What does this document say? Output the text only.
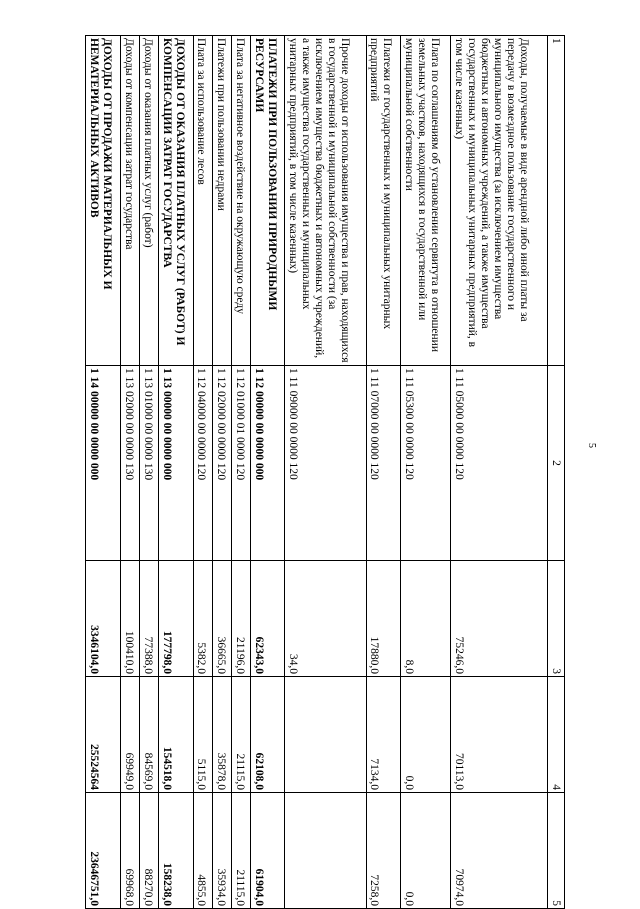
5
1	2	3	4	5
Доходы, получаемые в виде арендной либо иной платы за передачу в возмездное пользование государственного и муниципального имущества (за исключением имущества бюджетных и автономных учреждений, а также имущества государственных и муниципальных унитарных предприятий, в том числе казенных)	1 11 05000 00 0000 120	75246,0	70113,0	70974,0
Плата по соглашениям об установлении сервитута в отношении земельных участков, находящихся в государственной или муниципальной собственности	1 11 05300 00 0000 120	8,0	0,0	0,0
Платежи от государственных и муниципальных унитарных предприятий	1 11 07000 00 0000 120	17880,0	7134,0	7258,0
Прочие доходы от использования имущества и прав, находящихся в государственной и муниципальной собственности (за исключением имущества бюджетных и автономных учреждений, а также имущества государственных и муниципальных унитарных предприятий, в том числе казенных)	1 11 09000 00 0000 120	34,0		
ПЛАТЕЖИ ПРИ ПОЛЬЗОВАНИИ ПРИРОДНЫМИ РЕСУРСАМИ	1 12 00000 00 0000 000	62343,0	62108,0	61904,0
Плата за негативное воздействие на окружающую среду	1 12 01000 01 0000 120	21196,0	21115,0	21115,0
Платежи при пользовании недрами	1 12 02000 00 0000 120	36665,0	35878,0	35934,0
Плата за использование лесов	1 12 04000 00 0000 120	5382,0	5115,0	4855,0
ДОХОДЫ ОТ ОКАЗАНИЯ ПЛАТНЫХ УСЛУГ (РАБОТ) И КОМПЕНСАЦИИ ЗАТРАТ ГОСУДАРСТВА	1 13 00000 00 0000 000	177798,0	154518,0	158238,0
Доходы от оказания платных услуг (работ)	1 13 01000 00 0000 130	77388,0	84569,0	88270,0
Доходы от компенсации затрат государства	1 13 02000 00 0000 130	100410,0	69949,0	69968,0
ДОХОДЫ ОТ ПРОДАЖИ МАТЕРИАЛЬНЫХ И НЕМАТЕРИАЛЬНЫХ АКТИВОВ	1 14 00000 00 0000 000	3346104,0	25524564	23646751,0
